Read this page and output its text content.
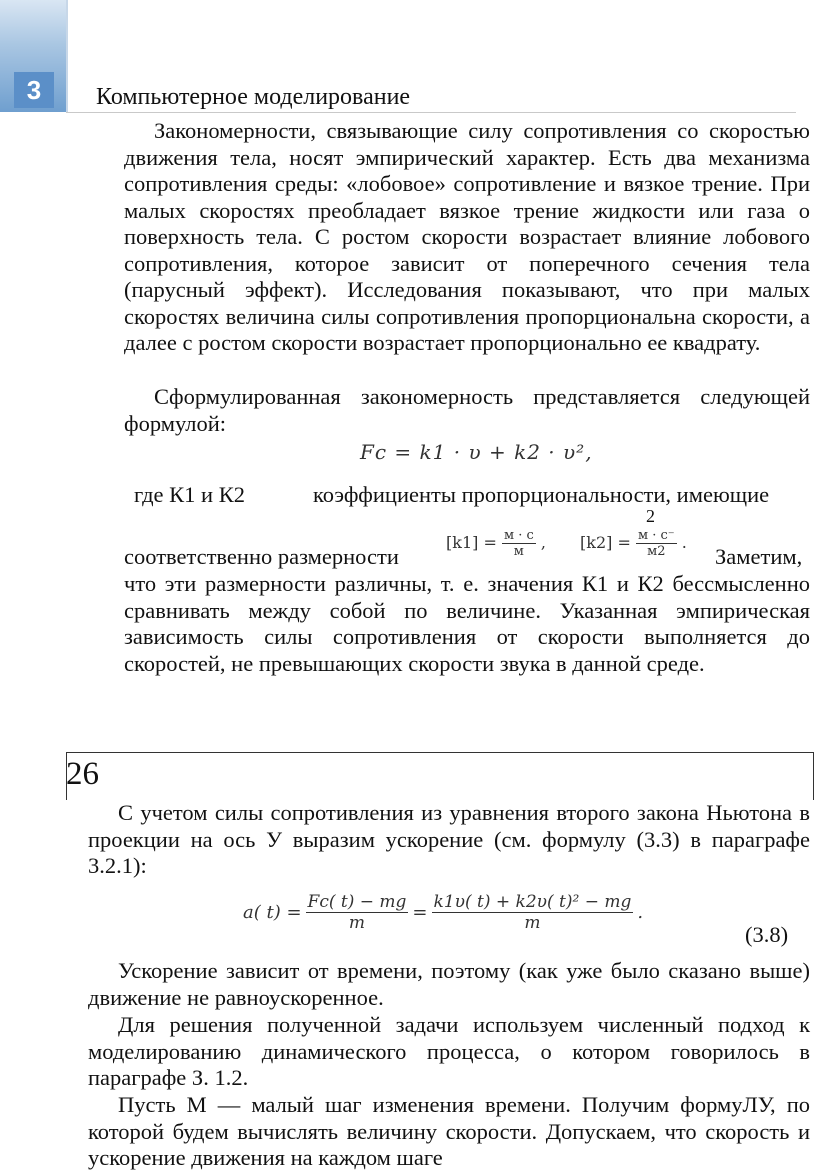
3	Компьютерное моделирование

Закономерности, связывающие силу сопротивления со скоростью движения тела, носят эмпирический характер. Есть два механизма сопротивления среды: «лобовое» сопротивление и вязкое трение. При малых скоростях преобладает вязкое трение жидкости или газа о поверхность тела. С ростом скорости возрастает влияние лобового сопротивления, которое зависит от поперечного сечения тела (парусный эффект). Исследования показывают, что при малых скоростях величина силы сопротивления пропорциональна скорости, а далее с ростом скорости возрастает пропорционально ее квадрату.

Сформулированная закономерность представляется следующей формулой:

Fc = k1 · υ + k2 · υ²,
где К1 и К2	коэффициенты пропорциональности, имеющие
2
соответственно размерности
$[k1] = \frac{м \cdot с}{м}$ , $[k2] = \frac{м \cdot с^-}{м2}$ .
Заметим,

что эти размерности различны, т. е. значения К1 и К2 бессмысленно сравнивать между собой по величине. Указанная эмпирическая зависимость силы сопротивления от скорости выполняется до скоростей, не превышающих скорости звука в данной среде.

26

С учетом силы сопротивления из уравнения второго закона Ньютона в проекции на ось У выразим ускорение (см. формулу (3.3) в параграфе 3.2.1):

a( $t) = \frac{Fc( t) - mg}{m} = \frac{\text{k1υ( t) + k2υ( t)² − mg}}{m}$ .
(3.8)

Ускорение зависит от времени, поэтому (как уже было сказано выше) движение не равноускоренное.

Для решения полученной задачи используем численный подход к моделированию динамического процесса, о котором говорилось в параграфе З. 1.2.

Пусть М — малый шаг изменения времени. Получим формуЛУ, по которой будем вычислять величину скорости. Допускаем, что скорость и ускорение движения на каждом шаге
